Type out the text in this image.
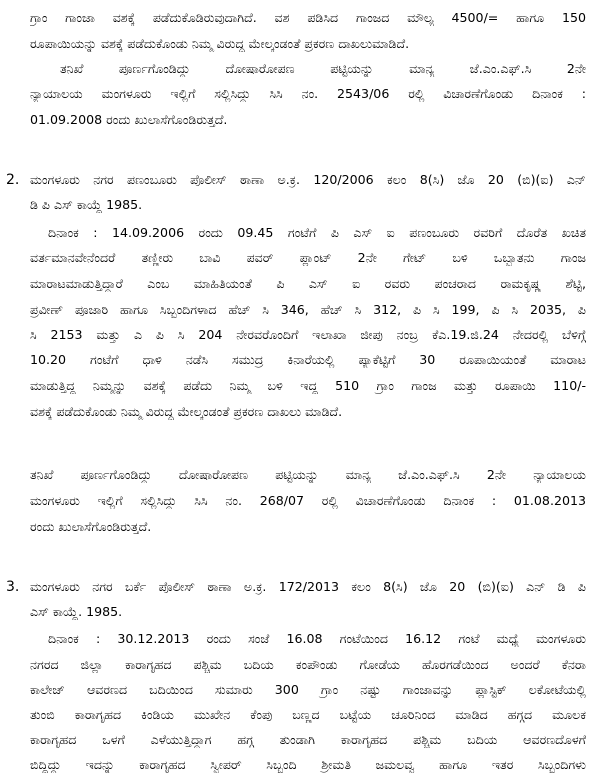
ಗ್ರಾಂ ಗಾಂಜಾ ವಶಕ್ಕೆ ಪಡೆದುಕೊಡಿರುವುದಾಗಿದೆ. ವಶ ಪಡಿಸಿದ ಗಾಂಜದ ಮೌಲ್ಯ 4500/= ಹಾಗೂ 150

ರೂಪಾಯಿಯನ್ನು ವಶಕ್ಕೆ ಪಡೆದುಕೊಂಡು ನಿಮ್ಮ ವಿರುದ್ಧ ಮೇಲ್ಕಂಡಂತೆ ಪ್ರಕರಣ ದಾಖಲುಮಾಡಿದೆ.

ತನಿಖೆ ಪೂರ್ಣಗೊಂಡಿದ್ದು ದೋಷಾರೋಪಣ ಪಟ್ಟಿಯನ್ನು ಮಾನ್ಯ ಜೆ.ಎಂ.ಎಫ್.ಸಿ 2ನೇ

ನ್ಯಾಯಾಲಯ ಮಂಗಳೂರು ಇಲ್ಲಿಗೆ ಸಲ್ಲಿಸಿದ್ದು ಸಿಸಿ ನಂ. 2543/06 ರಲ್ಲಿ ವಿಚಾರಣೆಗೊಂಡು ದಿನಾಂಕ :

01.09.2008 ರಂದು ಖುಲಾಸೆಗೊಂಡಿರುತ್ತದೆ.

2. ಮಂಗಳೂರು ನಗರ ಪಣಂಬೂರು ಪೊಲೀಸ್ ಠಾಣಾ ಅ.ಕ್ರ. 120/2006 ಕಲಂ 8(ಸಿ) ಜೊ 20 (ಬಿ)(ಐ) ಎನ್

ಡಿ ಪಿ ಎಸ್ ಕಾಯ್ದೆ 1985.

ದಿನಾಂಕ : 14.09.2006 ರಂದು 09.45 ಗಂಟೆಗೆ ಪಿ ಎಸ್ ಐ ಪಣಂಬೂರು ರವರಿಗೆ ದೊರೆತ ಖಚಿತ

ವರ್ತಮಾನವೇನೆಂದರೆ ತಣ್ಣೀರು ಬಾವಿ ಪವರ್ ಪ್ಲಾಂಟ್ 2ನೇ ಗೇಟ್ ಬಳಿ ಒಬ್ಬಾತನು ಗಾಂಜ

ಮಾರಾಟಮಾಡುತ್ತಿದ್ದಾರೆ ಎಂಬ ಮಾಹಿತಿಯಂತೆ ಪಿ ಎಸ್ ಐ ರವರು ಪಂಚರಾದ ರಾಮಕೃಷ್ಣ ಶೆಟ್ಟಿ,

ಪ್ರವೀಣ್ ಪೂಜಾರಿ ಹಾಗೂ ಸಿಬ್ಬಂದಿಗಳಾದ ಹೆಚ್ ಸಿ 346, ಹೆಚ್ ಸಿ 312, ಪಿ ಸಿ 199, ಪಿ ಸಿ 2035, ಪಿ

ಸಿ 2153 ಮತ್ತು ಎ ಪಿ ಸಿ 204 ನೇರವರೊಂದಿಗೆ ಇಲಾಖಾ ಜೀಪು ನಂಬ್ರ ಕೆಎ.19.ಜಿ.24 ನೇದರಲ್ಲಿ ಬೆಳಿಗ್ಗೆ

10.20 ಗಂಟೆಗೆ ಧಾಳಿ ನಡೆಸಿ ಸಮುದ್ರ ಕಿನಾರೆಯಲ್ಲಿ ಪ್ಯಾಕೆಟ್ಟಿಗೆ 30 ರೂಪಾಯಿಯಂತೆ ಮಾರಾಟ

ಮಾಡುತ್ತಿದ್ದ ನಿಮ್ಮನ್ನು ವಶಕ್ಕೆ ಪಡೆದು ನಿಮ್ಮ ಬಳಿ ಇದ್ದ 510 ಗ್ರಾಂ ಗಾಂಜ ಮತ್ತು ರೂಪಾಯಿ 110/-

ವಶಕ್ಕೆ ಪಡೆದುಕೊಂಡು ನಿಮ್ಮ ವಿರುದ್ಧ ಮೇಲ್ಕಂಡಂತೆ ಪ್ರಕರಣ ದಾಖಲು ಮಾಡಿದೆ.

ತನಿಖೆ ಪೂರ್ಣಗೊಂಡಿದ್ದು ದೋಷಾರೋಪಣ ಪಟ್ಟಿಯನ್ನು ಮಾನ್ಯ ಜೆ.ಎಂ.ಎಫ್.ಸಿ 2ನೇ ನ್ಯಾಯಾಲಯ

ಮಂಗಳೂರು ಇಲ್ಲಿಗೆ ಸಲ್ಲಿಸಿದ್ದು ಸಿಸಿ ನಂ. 268/07 ರಲ್ಲಿ ವಿಚಾರಣೆಗೊಂಡು ದಿನಾಂಕ : 01.08.2013

ರಂದು ಖುಲಾಸೆಗೊಂಡಿರುತ್ತದೆ.

3. ಮಂಗಳೂರು ನಗರ ಬರ್ಕೆ ಪೊಲೀಸ್ ಠಾಣಾ ಅ.ಕ್ರ. 172/2013 ಕಲಂ 8(ಸಿ) ಜೊ 20 (ಬಿ)(ಐ) ಎನ್ ಡಿ ಪಿ

ಎಸ್ ಕಾಯ್ದೆ. 1985.

ದಿನಾಂಕ : 30.12.2013 ರಂದು ಸಂಜೆ 16.08 ಗಂಟೆಯಿಂದ 16.12 ಗಂಟೆ ಮಧ್ಯೆ ಮಂಗಳೂರು

ನಗರದ ಜಿಲ್ಲಾ ಕಾರಾಗೃಹದ ಪಶ್ಚಿಮ ಬದಿಯ ಕಂಪೌಂಡು ಗೋಡೆಯ ಹೊರಗಡೆಯಿಂದ ಅಂದರೆ ಕೆನರಾ

ಕಾಲೇಜ್ ಆವರಣದ ಬದಿಯಿಂದ ಸುಮಾರು 300 ಗ್ರಾಂ ನಷ್ಟು ಗಾಂಜಾವನ್ನು ಪ್ಲಾಸ್ಟಿಕ್ ಲಕೋಟೆಯಲ್ಲಿ

ತುಂಬಿ ಕಾರಾಗೃಹದ ಕಿಂಡಿಯ ಮುಖೇನ ಕೆಂಪು ಬಣ್ಣದ ಬಟ್ಟೆಯ ಚೂರಿನಿಂದ ಮಾಡಿದ ಹಗ್ಗದ ಮೂಲಕ

ಕಾರಾಗೃಹದ ಒಳಗೆ ಎಳೆಯುತ್ತಿದ್ದಾಗ ಹಗ್ಗ ತುಂಡಾಗಿ ಕಾರಾಗೃಹದ ಪಶ್ಚಿಮ ಬದಿಯ ಆವರಣದೊಳಗೆ

ಬಿದ್ದಿದ್ದು ಇದನ್ನು ಕಾರಾಗೃಹದ ಸ್ವೀಪರ್ ಸಿಬ್ಬಂದಿ ಶ್ರೀಮತಿ ಜಮಲವ್ವ ಹಾಗೂ ಇತರ ಸಿಬ್ಬಂದಿಗಳು
